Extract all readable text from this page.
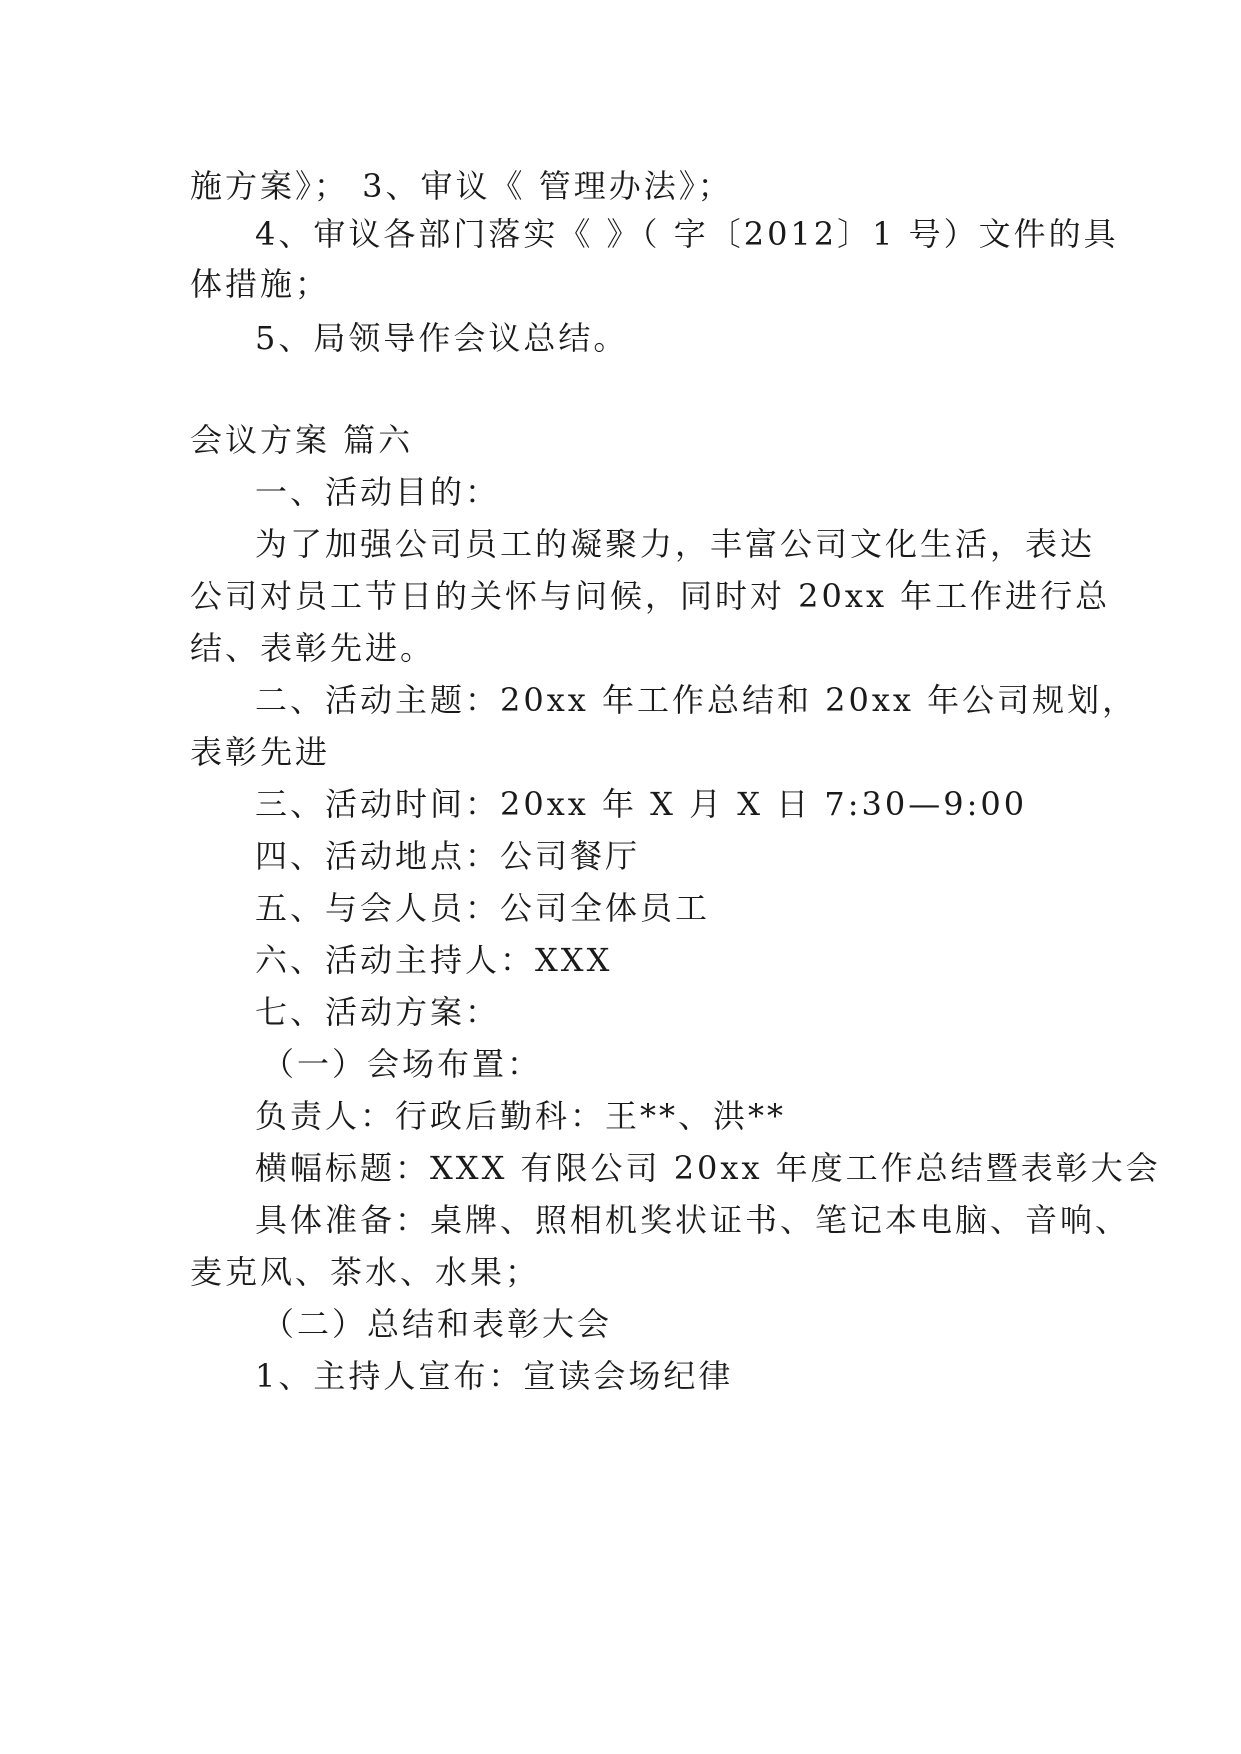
施方案》； 3、审议《 管理办法》；
4、审议各部门落实《 》（ 字〔2012〕1 号）文件的具
体措施；
5、局领导作会议总结。
会议方案 篇六
一、活动目的：
为了加强公司员工的凝聚力，丰富公司文化生活，表达
公司对员工节日的关怀与问候，同时对 20xx 年工作进行总
结、表彰先进。
二、活动主题：20xx 年工作总结和 20xx 年公司规划，
表彰先进
三、活动时间：20xx 年 X 月 X 日 7:30—9:00
四、活动地点：公司餐厅
五、与会人员：公司全体员工
六、活动主持人：XXX
七、活动方案：
（一）会场布置：
负责人：行政后勤科：王**、洪**
横幅标题：XXX 有限公司 20xx 年度工作总结暨表彰大会
具体准备：桌牌、照相机奖状证书、笔记本电脑、音响、
麦克风、茶水、水果；
（二）总结和表彰大会
1、主持人宣布：宣读会场纪律
